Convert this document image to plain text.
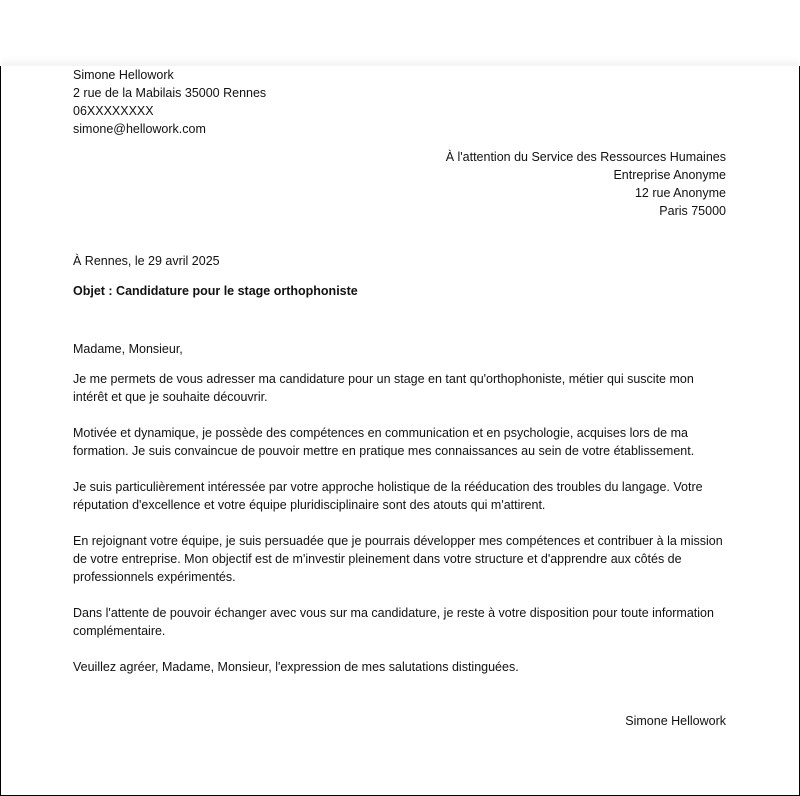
Simone Hellowork

2 rue de la Mabilais 35000 Rennes

06XXXXXXXX

simone@hellowork.com

À l'attention du Service des Ressources Humaines
Entreprise Anonyme
12 rue Anonyme
Paris 75000

À Rennes, le 29 avril 2025

Objet : Candidature pour le stage orthophoniste

Madame, Monsieur,

Je me permets de vous adresser ma candidature pour un stage en tant qu'orthophoniste, métier qui suscite mon intérêt et que je souhaite découvrir.

Motivée et dynamique, je possède des compétences en communication et en psychologie, acquises lors de ma formation. Je suis convaincue de pouvoir mettre en pratique mes connaissances au sein de votre établissement.

Je suis particulièrement intéressée par votre approche holistique de la rééducation des troubles du langage. Votre réputation d'excellence et votre équipe pluridisciplinaire sont des atouts qui m'attirent.

En rejoignant votre équipe, je suis persuadée que je pourrais développer mes compétences et contribuer à la mission de votre entreprise. Mon objectif est de m'investir pleinement dans votre structure et d'apprendre aux côtés de professionnels expérimentés.

Dans l'attente de pouvoir échanger avec vous sur ma candidature, je reste à votre disposition pour toute information complémentaire.

Veuillez agréer, Madame, Monsieur, l'expression de mes salutations distinguées.

Simone Hellowork
